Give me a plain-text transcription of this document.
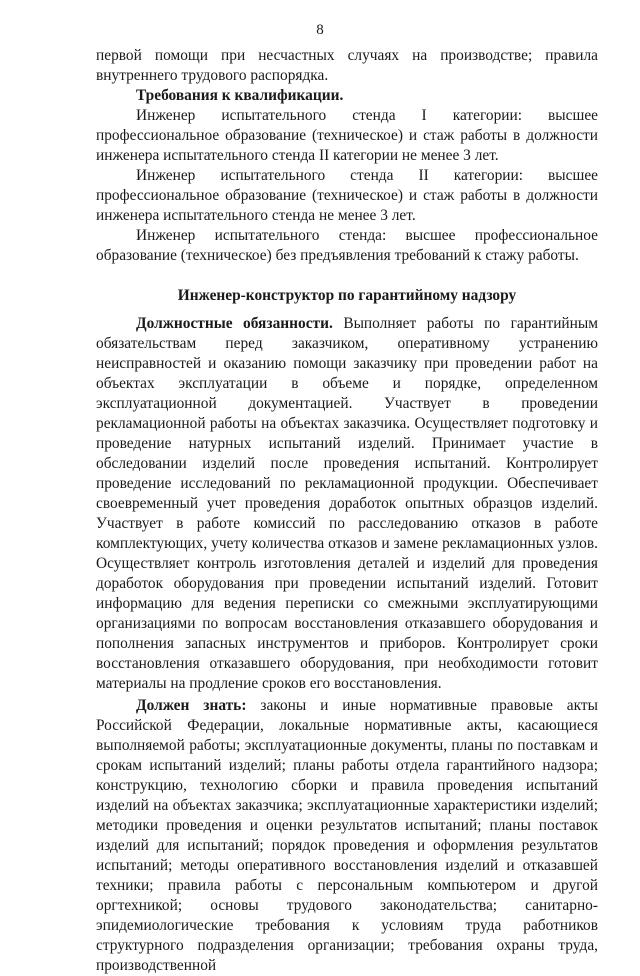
8

первой помощи при несчастных случаях на производстве; правила внутреннего трудового распорядка.

Требования к квалификации.

Инженер испытательного стенда I категории: высшее профессиональное образование (техническое) и стаж работы в должности инженера испытательного стенда II категории не менее 3 лет.

Инженер испытательного стенда II категории: высшее профессиональное образование (техническое) и стаж работы в должности инженера испытательного стенда не менее 3 лет.

Инженер испытательного стенда: высшее профессиональное образование (техническое) без предъявления требований к стажу работы.

Инженер-конструктор по гарантийному надзору

Должностные обязанности. Выполняет работы по гарантийным обязательствам перед заказчиком, оперативному устранению неисправностей и оказанию помощи заказчику при проведении работ на объектах эксплуатации в объеме и порядке, определенном эксплуатационной документацией. Участвует в проведении рекламационной работы на объектах заказчика. Осуществляет подготовку и проведение натурных испытаний изделий. Принимает участие в обследовании изделий после проведения испытаний. Контролирует проведение исследований по рекламационной продукции. Обеспечивает своевременный учет проведения доработок опытных образцов изделий. Участвует в работе комиссий по расследованию отказов в работе комплектующих, учету количества отказов и замене рекламационных узлов. Осуществляет контроль изготовления деталей и изделий для проведения доработок оборудования при проведении испытаний изделий. Готовит информацию для ведения переписки со смежными эксплуатирующими организациями по вопросам восстановления отказавшего оборудования и пополнения запасных инструментов и приборов. Контролирует сроки восстановления отказавшего оборудования, при необходимости готовит материалы на продление сроков его восстановления.

Должен знать: законы и иные нормативные правовые акты Российской Федерации, локальные нормативные акты, касающиеся выполняемой работы; эксплуатационные документы, планы по поставкам и срокам испытаний изделий; планы работы отдела гарантийного надзора; конструкцию, технологию сборки и правила проведения испытаний изделий на объектах заказчика; эксплуатационные характеристики изделий; методики проведения и оценки результатов испытаний; планы поставок изделий для испытаний; порядок проведения и оформления результатов испытаний; методы оперативного восстановления изделий и отказавшей техники; правила работы с персональным компьютером и другой оргтехникой; основы трудового законодательства; санитарно-эпидемиологические требования к условиям труда работников структурного подразделения организации; требования охраны труда, производственной
